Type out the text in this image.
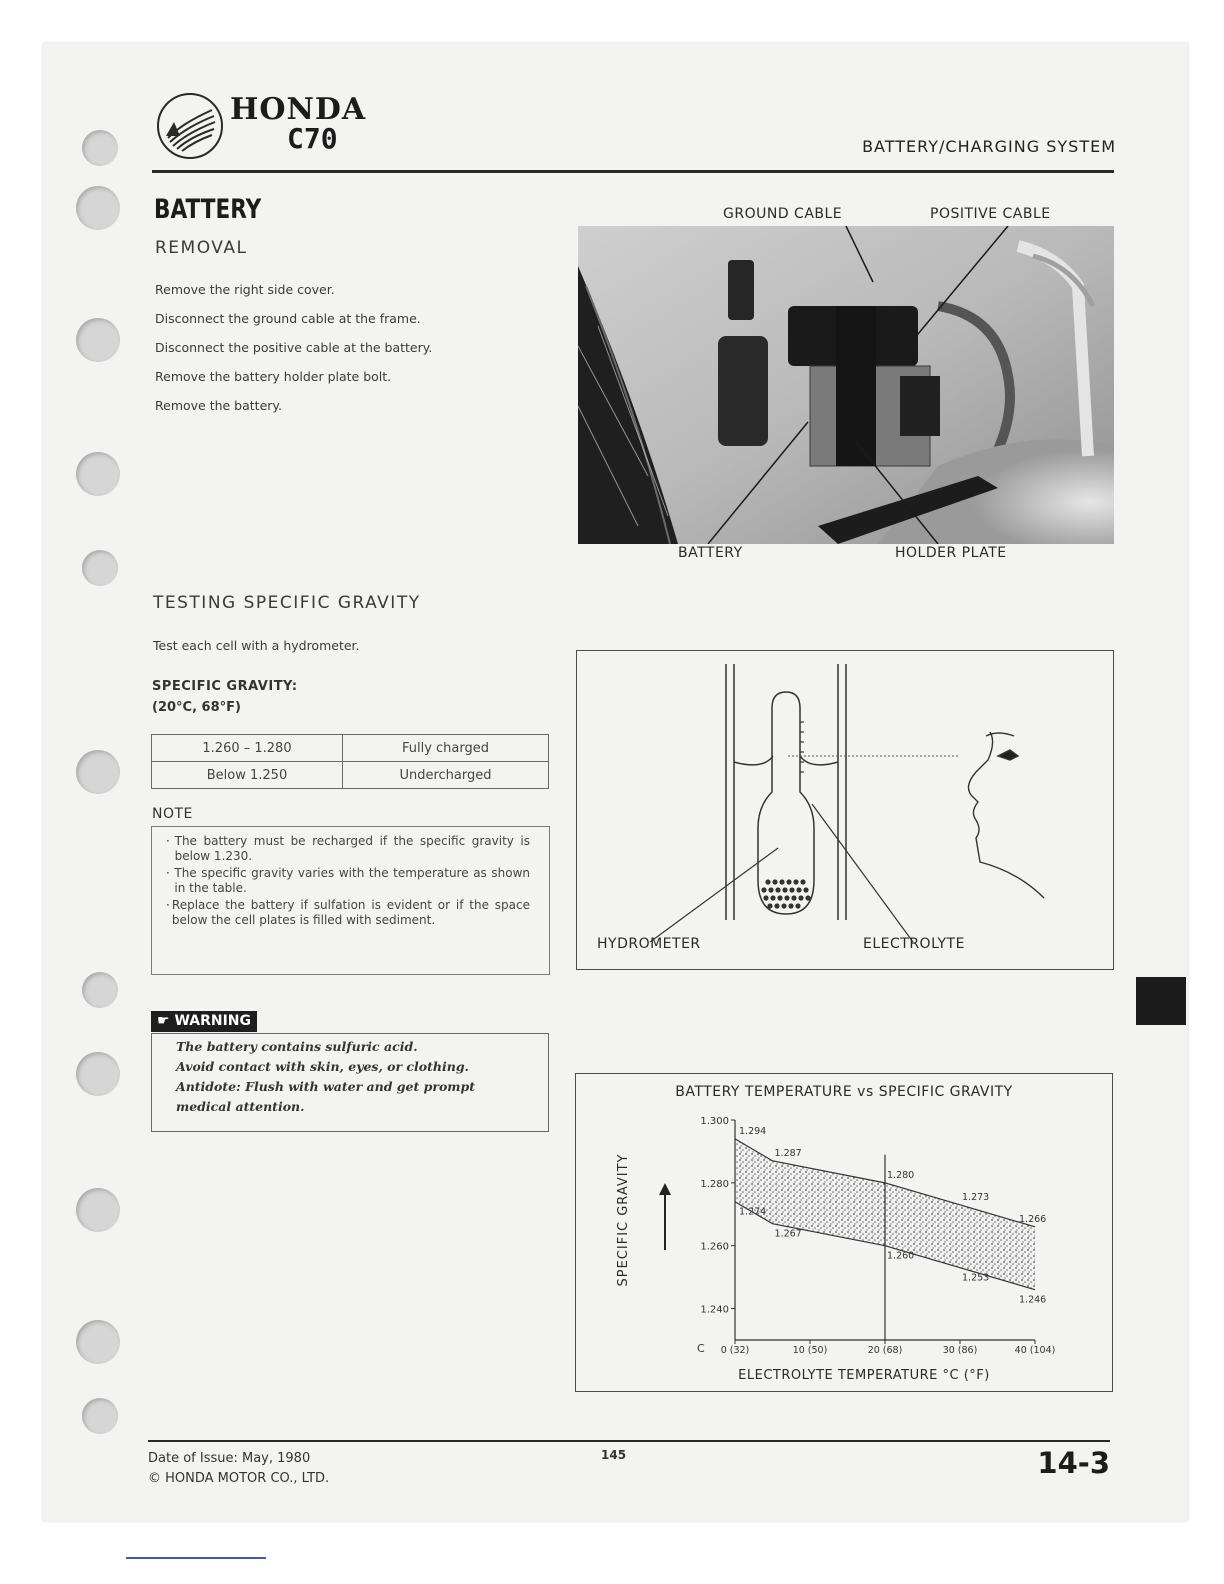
HONDA
C70	BATTERY/CHARGING SYSTEM
BATTERY
REMOVAL
Remove the right side cover.
Disconnect the ground cable at the frame.
Disconnect the positive cable at the battery.
Remove the battery holder plate bolt.
Remove the battery.
GROUND CABLE	POSITIVE CABLE
BATTERY	HOLDER PLATE
TESTING SPECIFIC GRAVITY
Test each cell with a hydrometer.
SPECIFIC GRAVITY:
(20°C, 68°F)
1.260 – 1.280	Fully charged
Below 1.250	Undercharged
NOTE
· The battery must be recharged if the specific gravity is below 1.230.
· The specific gravity varies with the temperature as shown in the table.
· Replace the battery if sulfation is evident or if the space below the cell plates is filled with sediment.
☛ WARNING
The battery contains sulfuric acid.
Avoid contact with skin, eyes, or clothing.
Antidote: Flush with water and get prompt
medical attention.
HYDROMETER	ELECTROLYTE
BATTERY TEMPERATURE vs SPECIFIC GRAVITY
SPECIFIC GRAVITY
ELECTROLYTE TEMPERATURE °C (°F)
C
1.300
1.280
1.260
1.240
0 (32)	10 (50)	20 (68)	30 (86)	40 (104)
1.294
1.287
1.280
1.273
1.266
1.274
1.267
1.260
1.253
1.246
Date of Issue: May, 1980
© HONDA MOTOR CO., LTD.
145	14-3
